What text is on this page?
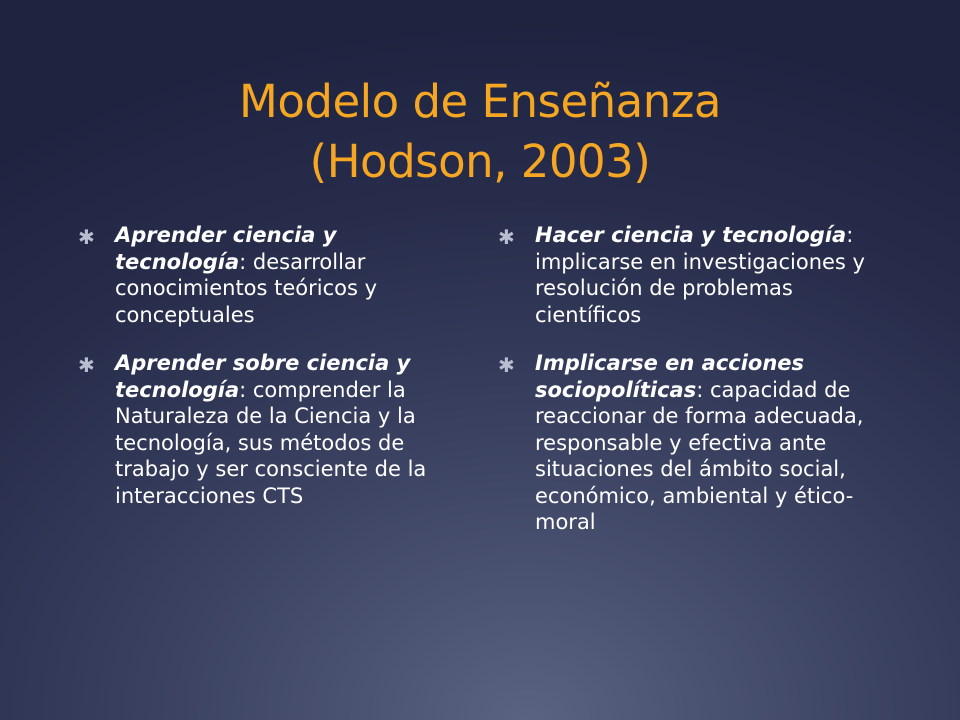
Modelo de Enseñanza
(Hodson, 2003)
✱ Aprender ciencia y tecnología: desarrollar conocimientos teóricos y conceptuales
✱ Aprender sobre ciencia y tecnología: comprender la Naturaleza de la Ciencia y la tecnología, sus métodos de trabajo y ser consciente de la interacciones CTS
✱ Hacer ciencia y tecnología: implicarse en investigaciones y resolución de problemas científicos
✱ Implicarse en acciones sociopolíticas: capacidad de reaccionar de forma adecuada, responsable y efectiva ante situaciones del ámbito social, económico, ambiental y ético-moral
